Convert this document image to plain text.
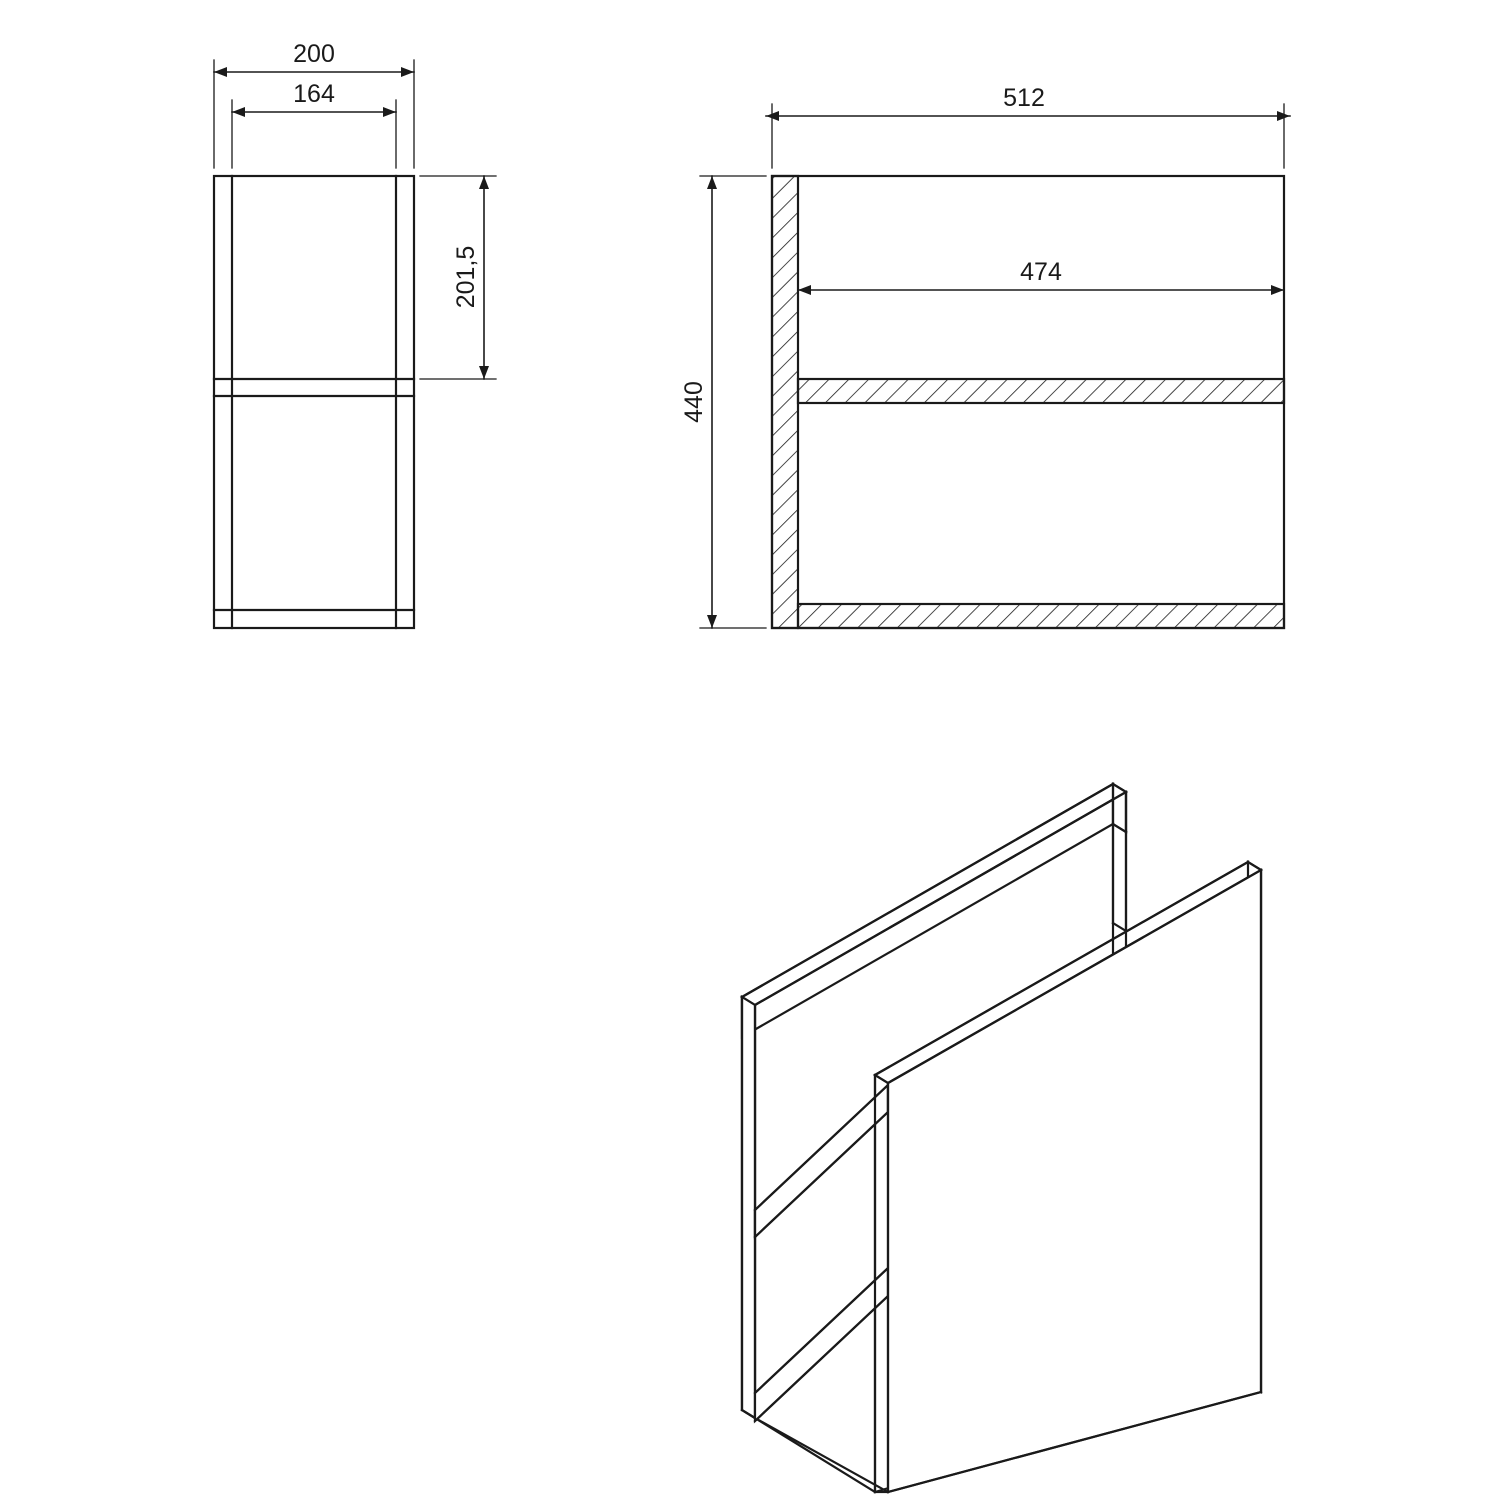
200
164
201,5
512
474
440
